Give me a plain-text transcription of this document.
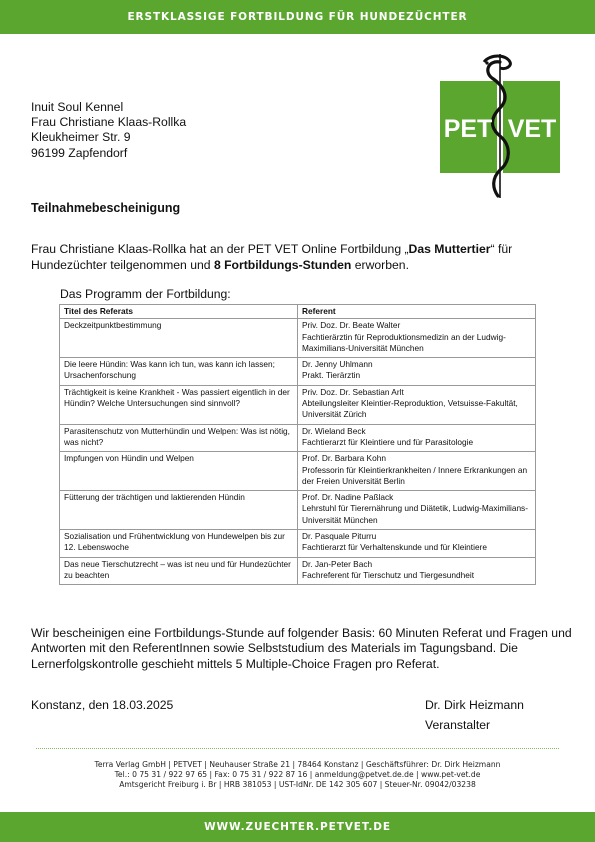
ERSTKLASSIGE FORTBILDUNG FÜR HUNDEZÜCHTER
Inuit Soul Kennel
Frau Christiane Klaas-Rollka
Kleukheimer Str. 9
96199 Zapfendorf
PET VET
Teilnahmebescheinigung
Frau Christiane Klaas-Rollka hat an der PET VET Online Fortbildung „Das Muttertier“ für Hundezüchter teilgenommen und 8 Fortbildungs-Stunden erworben.
Das Programm der Fortbildung:
Titel des Referats	Referent
Deckzeitpunktbestimmung	Priv. Doz. Dr. Beate Walter
Fachtierärztin für Reproduktionsmedizin an der Ludwig-Maximilians-Universität München

Die leere Hündin: Was kann ich tun, was kann ich lassen; Ursachenforschung	Dr. Jenny Uhlmann
Prakt. Tierärztin

Trächtigkeit is keine Krankheit - Was passiert eigentlich in der Hündin? Welche Untersuchungen sind sinnvoll?	Priv. Doz. Dr. Sebastian Arlt
Abteilungsleiter Kleintier-Reproduktion, Vetsuisse-Fakultät, Universität Zürich

Parasitenschutz von Mutterhündin und Welpen: Was ist nötig, was nicht?	Dr. Wieland Beck
Fachtierarzt für Kleintiere und für Parasitologie

Impfungen von Hündin und Welpen	Prof. Dr. Barbara Kohn
Professorin für Kleintierkrankheiten / Innere Erkrankungen an der Freien Universität Berlin

Fütterung der trächtigen und laktierenden Hündin	Prof. Dr. Nadine Paßlack
Lehrstuhl für Tierernährung und Diätetik, Ludwig-Maximilians-Universität München

Sozialisation und Frühentwicklung von Hundewelpen bis zur 12. Lebenswoche	Dr. Pasquale Piturru
Fachtierarzt für Verhaltenskunde und für Kleintiere

Das neue Tierschutzrecht – was ist neu und für Hundezüchter zu beachten	Dr. Jan-Peter Bach
Fachreferent für Tierschutz und Tiergesundheit
Wir bescheinigen eine Fortbildungs-Stunde auf folgender Basis: 60 Minuten Referat und Fragen und Antworten mit den ReferentInnen sowie Selbststudium des Materials im Tagungsband. Die Lernerfolgskontrolle geschieht mittels 5 Multiple-Choice Fragen pro Referat.
Konstanz, den 18.03.2025	Dr. Dirk Heizmann
Veranstalter
Terra Verlag GmbH | PETVET | Neuhauser Straße 21 | 78464 Konstanz | Geschäftsführer: Dr. Dirk Heizmann
Tel.: 0 75 31 / 922 97 65 | Fax: 0 75 31 / 922 87 16 | anmeldung@petvet.de.de | www.pet-vet.de
Amtsgericht Freiburg i. Br | HRB 381053 | UST-IdNr. DE 142 305 607 | Steuer-Nr. 09042/03238
WWW.ZUECHTER.PETVET.DE
